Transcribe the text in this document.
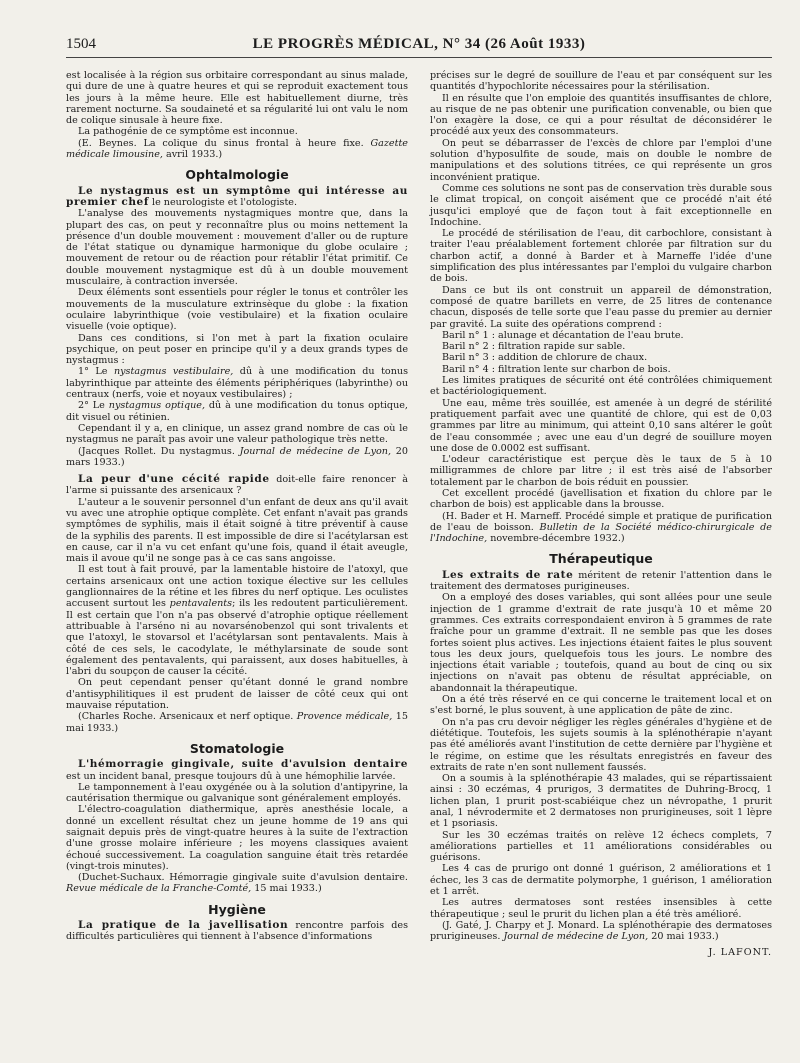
1504	LE PROGRÈS MÉDICAL, N° 34 (26 Août 1933)

est localisée à la région sus orbitaire correspondant au sinus malade, qui dure de une à quatre heures et qui se reproduit exactement tous les jours à la même heure. Elle est habituellement diurne, très rarement nocturne. Sa soudaineté et sa régularité lui ont valu le nom de colique sinusale à heure fixe.

La pathogénie de ce symptôme est inconnue.

(E. Beynes. La colique du sinus frontal à heure fixe. Gazette médicale limousine, avril 1933.)

Ophtalmologie

Le nystagmus est un symptôme qui intéresse au premier chef le neurologiste et l'otologiste.

L'analyse des mouvements nystagmiques montre que, dans la plupart des cas, on peut y reconnaître plus ou moins nettement la présence d'un double mouvement : mouvement d'aller ou de rupture de l'état statique ou dynamique harmonique du globe oculaire ; mouvement de retour ou de réaction pour rétablir l'état primitif. Ce double mouvement nystagmique est dû à un double mouvement musculaire, à contraction inversée.

Deux éléments sont essentiels pour régler le tonus et contrôler les mouvements de la musculature extrinsèque du globe : la fixation oculaire labyrinthique (voie vestibulaire) et la fixation oculaire visuelle (voie optique).

Dans ces conditions, si l'on met à part la fixation oculaire psychique, on peut poser en principe qu'il y a deux grands types de nystagmus :

1° Le nystagmus vestibulaire, dû à une modification du tonus labyrinthique par atteinte des éléments périphériques (labyrinthe) ou centraux (nerfs, voie et noyaux vestibulaires) ;

2° Le nystagmus optique, dû à une modification du tonus optique, dit visuel ou rétinien.

Cependant il y a, en clinique, un assez grand nombre de cas où le nystagmus ne paraît pas avoir une valeur pathologique très nette.

(Jacques Rollet. Du nystagmus. Journal de médecine de Lyon, 20 mars 1933.)

La peur d'une cécité rapide doit-elle faire renoncer à l'arme si puissante des arsenicaux ?

L'auteur a le souvenir personnel d'un enfant de deux ans qu'il avait vu avec une atrophie optique complète. Cet enfant n'avait pas grands symptômes de syphilis, mais il était soigné à titre préventif à cause de la syphilis des parents. Il est impossible de dire si l'acétylarsan est en cause, car il n'a vu cet enfant qu'une fois, quand il était aveugle, mais il avoue qu'il ne songe pas à ce cas sans angoisse.

Il est tout à fait prouvé, par la lamentable histoire de l'atoxyl, que certains arsenicaux ont une action toxique élective sur les cellules ganglionnaires de la rétine et les fibres du nerf optique. Les oculistes accusent surtout les pentavalents; ils les redoutent particulièrement. Il est certain que l'on n'a pas observé d'atrophie optique réellement attribuable à l'arséno ni au novarsénobenzol qui sont trivalents et que l'atoxyl, le stovarsol et l'acétylarsan sont pentavalents. Mais à côté de ces sels, le cacodylate, le méthylarsinate de soude sont également des pentavalents, qui paraissent, aux doses habituelles, à l'abri du soupçon de causer la cécité.

On peut cependant penser qu'étant donné le grand nombre d'antisyphilitiques il est prudent de laisser de côté ceux qui ont mauvaise réputation.

(Charles Roche. Arsenicaux et nerf optique. Provence médicale, 15 mai 1933.)

Stomatologie

L'hémorragie gingivale, suite d'avulsion dentaire est un incident banal, presque toujours dû à une hémophilie larvée.

Le tamponnement à l'eau oxygénée ou à la solution d'antipyrine, la cautérisation thermique ou galvanique sont généralement employés.

L'électro-coagulation diathermique, après anesthésie locale, a donné un excellent résultat chez un jeune homme de 19 ans qui saignait depuis près de vingt-quatre heures à la suite de l'extraction d'une grosse molaire inférieure ; les moyens classiques avaient échoué successivement. La coagulation sanguine était très retardée (vingt-trois minutes).

(Duchet-Suchaux. Hémorragie gingivale suite d'avulsion dentaire. Revue médicale de la Franche-Comté, 15 mai 1933.)

Hygiène

La pratique de la javellisation rencontre parfois des difficultés particulières qui tiennent à l'absence d'informations

précises sur le degré de souillure de l'eau et par conséquent sur les quantités d'hypochlorite nécessaires pour la stérilisation.

Il en résulte que l'on emploie des quantités insuffisantes de chlore, au risque de ne pas obtenir une purification convenable, ou bien que l'on exagère la dose, ce qui a pour résultat de déconsidérer le procédé aux yeux des consommateurs.

On peut se débarrasser de l'excès de chlore par l'emploi d'une solution d'hyposulfite de soude, mais on double le nombre de manipulations et des solutions titrées, ce qui représente un gros inconvénient pratique.

Comme ces solutions ne sont pas de conservation très durable sous le climat tropical, on conçoit aisément que ce procédé n'ait été jusqu'ici employé que de façon tout à fait exceptionnelle en Indochine.

Le procédé de stérilisation de l'eau, dit carbochlore, consistant à traiter l'eau préalablement fortement chlorée par filtration sur du charbon actif, a donné à Barder et à Marneffe l'idée d'une simplification des plus intéressantes par l'emploi du vulgaire charbon de bois.

Dans ce but ils ont construit un appareil de démonstration, composé de quatre barillets en verre, de 25 litres de contenance chacun, disposés de telle sorte que l'eau passe du premier au dernier par gravité. La suite des opérations comprend :

Baril n° 1 : alunage et décantation de l'eau brute.

Baril n° 2 : filtration rapide sur sable.

Baril n° 3 : addition de chlorure de chaux.

Baril n° 4 : filtration lente sur charbon de bois.

Les limites pratiques de sécurité ont été contrôlées chimiquement et bactériologiquement.

Une eau, même très souillée, est amenée à un degré de stérilité pratiquement parfait avec une quantité de chlore, qui est de 0,03 grammes par litre au minimum, qui atteint 0,10 sans altérer le goût de l'eau consommée ; avec une eau d'un degré de souillure moyen une dose de 0.0002 est suffisant.

L'odeur caractéristique est perçue dès le taux de 5 à 10 milligrammes de chlore par litre ; il est très aisé de l'absorber totalement par le charbon de bois réduit en poussier.

Cet excellent procédé (javellisation et fixation du chlore par le charbon de bois) est applicable dans la brousse.

(H. Bader et H. Marneff. Procédé simple et pratique de purification de l'eau de boisson. Bulletin de la Société médico-chirurgicale de l'Indochine, novembre-décembre 1932.)

Thérapeutique

Les extraits de rate méritent de retenir l'attention dans le traitement des dermatoses purigineuses.

On a employé des doses variables, qui sont allées pour une seule injection de 1 gramme d'extrait de rate jusqu'à 10 et même 20 grammes. Ces extraits correspondaient environ à 5 grammes de rate fraîche pour un gramme d'extrait. Il ne semble pas que les doses fortes soient plus actives. Les injections étaient faites le plus souvent tous les deux jours, quelquefois tous les jours. Le nombre des injections était variable ; toutefois, quand au bout de cinq ou six injections on n'avait pas obtenu de résultat appréciable, on abandonnait la thérapeutique.

On a été très réservé en ce qui concerne le traitement local et on s'est borné, le plus souvent, à une application de pâte de zinc.

On n'a pas cru devoir négliger les règles générales d'hygiène et de diététique. Toutefois, les sujets soumis à la splénothérapie n'ayant pas été améliorés avant l'institution de cette dernière par l'hygiène et le régime, on estime que les résultats enregistrés en faveur des extraits de rate n'en sont nullement faussés.

On a soumis à la splénothérapie 43 malades, qui se répartissaient ainsi : 30 eczémas, 4 prurigos, 3 dermatites de Duhring-Brocq, 1 lichen plan, 1 prurit post-scabiéique chez un névropathe, 1 prurit anal, 1 névrodermite et 2 dermatoses non prurigineuses, soit 1 lèpre et 1 psoriasis.

Sur les 30 eczémas traités on relève 12 échecs complets, 7 améliorations partielles et 11 améliorations considérables ou guérisons.

Les 4 cas de prurigo ont donné 1 guérison, 2 améliorations et 1 échec, les 3 cas de dermatite polymorphe, 1 guérison, 1 amélioration et 1 arrêt.

Les autres dermatoses sont restées insensibles à cette thérapeutique ; seul le prurit du lichen plan a été très amélioré.

(J. Gaté, J. Charpy et J. Monard. La splénothérapie des dermatoses prurigineuses. Journal de médecine de Lyon, 20 mai 1933.)

J. LAFONT.
